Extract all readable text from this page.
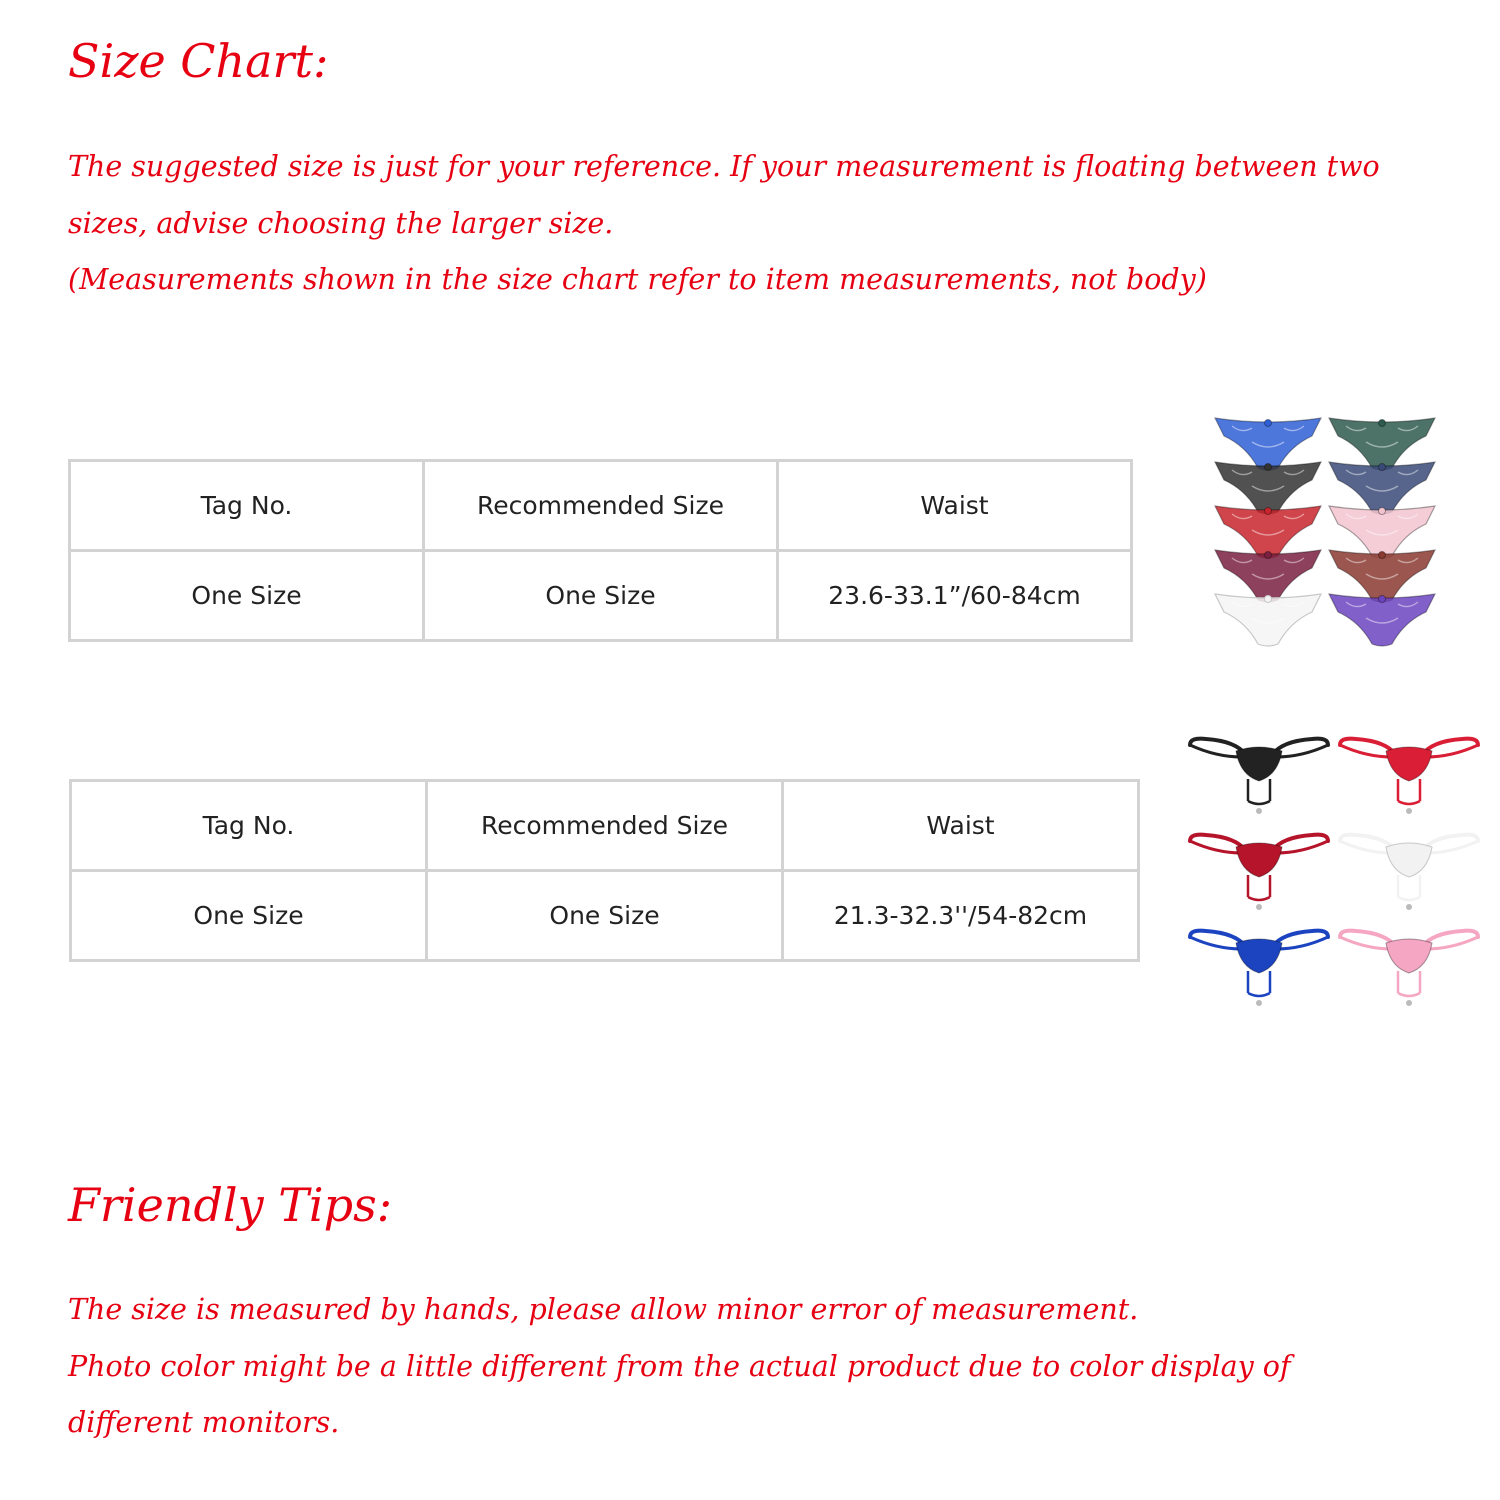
Size Chart:

The suggested size is just for your reference. If your measurement is floating between two

sizes, advise choosing the larger size.

(Measurements shown in the size chart refer to item measurements, not body)

Tag No.	Recommended Size	Waist
One Size	One Size	23.6-33.1”/60-84cm
Tag No.	Recommended Size	Waist
One Size	One Size	21.3-32.3''/54-82cm
Friendly Tips:

The size is measured by hands, please allow minor error of measurement.

Photo color might be a little different from the actual product due to color display of

different monitors.
